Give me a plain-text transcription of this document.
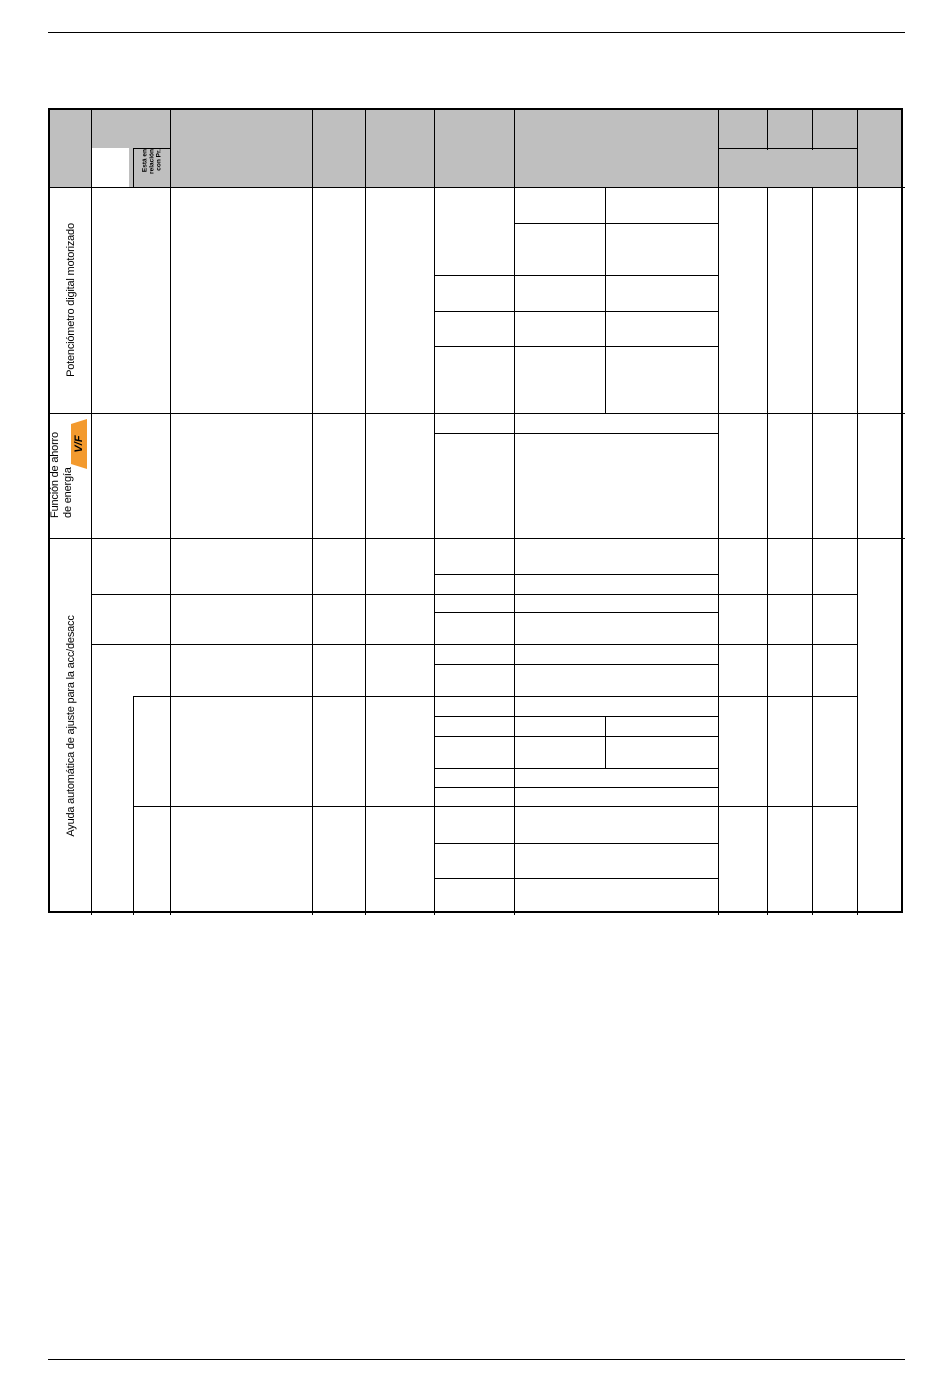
Está en relación con Pr.
Potenciómetro digital motorizado
Función de ahorro de energía
V/F
Ayuda automática de ajuste para la acc/desacc
